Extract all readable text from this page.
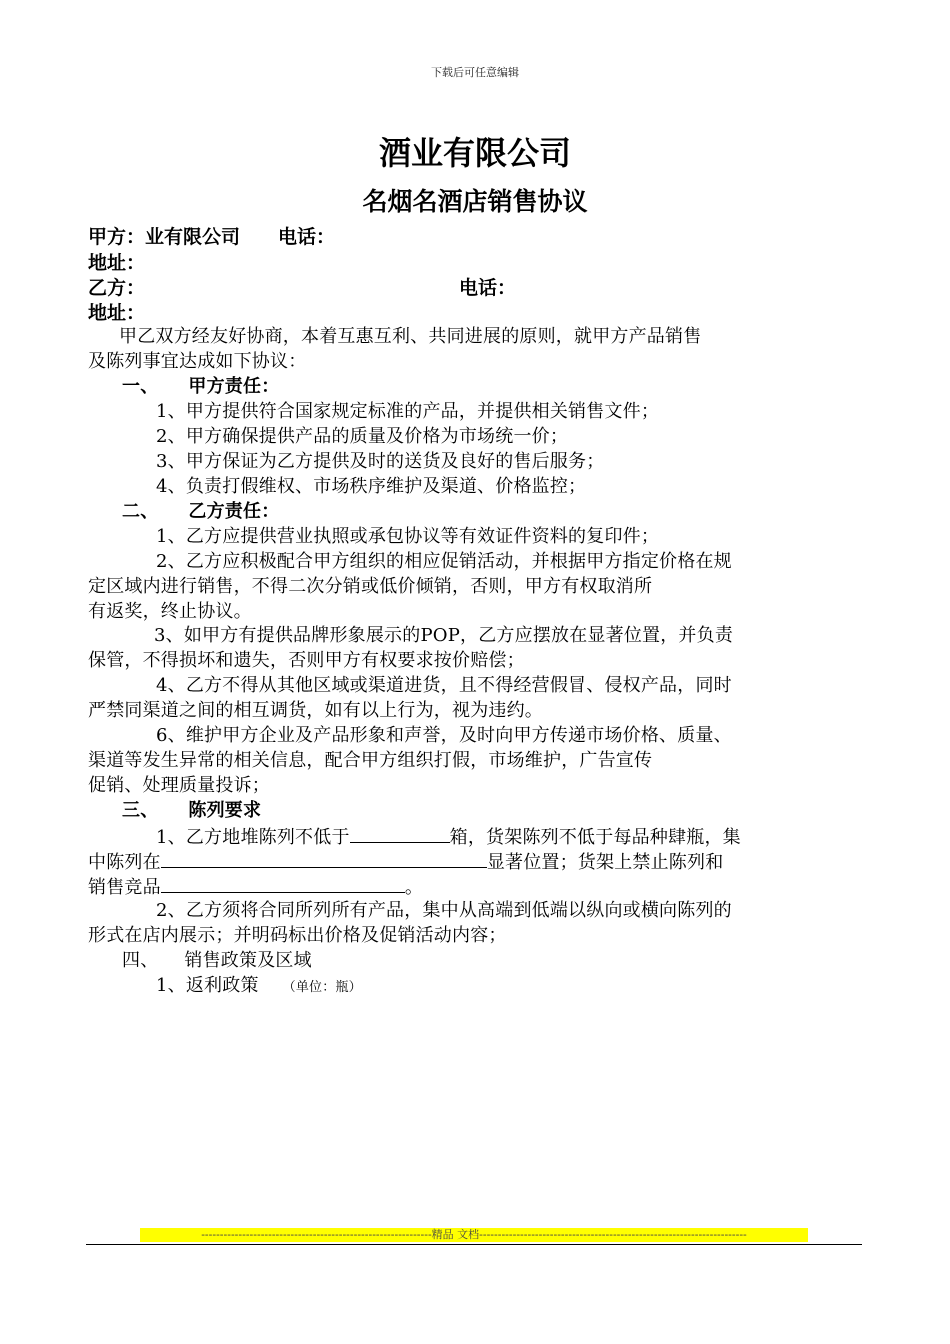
下载后可任意编辑
酒业有限公司
名烟名酒店销售协议
甲方：业有限公司 电话：
地址：
乙方：	电话：
地址：
甲乙双方经友好协商，本着互惠互利、共同进展的原则，就甲方产品销售
及陈列事宜达成如下协议：
一、 甲方责任：
1、甲方提供符合国家规定标准的产品，并提供相关销售文件；
2、甲方确保提供产品的质量及价格为市场统一价；
3、甲方保证为乙方提供及时的送货及良好的售后服务；
4、负责打假维权、市场秩序维护及渠道、价格监控；
二、 乙方责任：
1、乙方应提供营业执照或承包协议等有效证件资料的复印件；
2、乙方应积极配合甲方组织的相应促销活动，并根据甲方指定价格在规
定区域内进行销售，不得二次分销或低价倾销，否则，甲方有权取消所
有返奖，终止协议。
3、如甲方有提供品牌形象展示的POP，乙方应摆放在显著位置，并负责
保管，不得损坏和遗失，否则甲方有权要求按价赔偿；
4、乙方不得从其他区域或渠道进货，且不得经营假冒、侵权产品，同时
严禁同渠道之间的相互调货，如有以上行为，视为违约。
6、维护甲方企业及产品形象和声誉，及时向甲方传递市场价格、质量、
渠道等发生异常的相关信息，配合甲方组织打假，市场维护，广告宣传
促销、处理质量投诉；
三、 陈列要求
1、乙方地堆陈列不低于	箱，货架陈列不低于每品种肆瓶，集
中陈列在	显著位置；货架上禁止陈列和
销售竞品	。
2、乙方须将合同所列所有产品，集中从高端到低端以纵向或横向陈列的
形式在店内展示；并明码标出价格及促销活动内容；
四、 销售政策及区域
1、返利政策 （单位：瓶）
--------------------------------------------------------------精品 文档------------------------------------------------------------------------
